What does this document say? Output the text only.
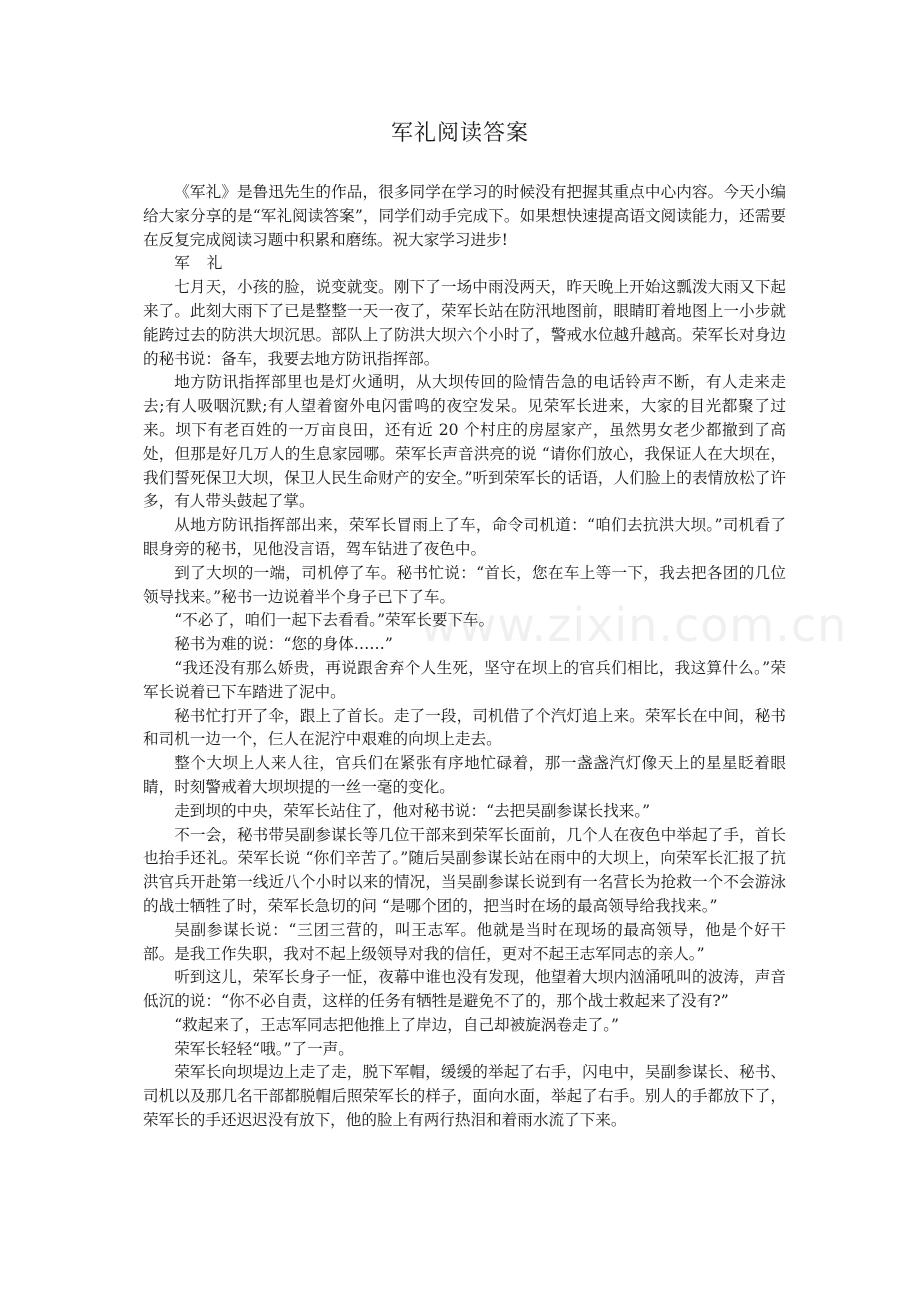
军礼阅读答案

《军礼》是鲁迅先生的作品，很多同学在学习的时候没有把握其重点中心内容。今天小编给大家分享的是“军礼阅读答案”，同学们动手完成下。如果想快速提高语文阅读能力，还需要在反复完成阅读习题中积累和磨练。祝大家学习进步!

军 礼

七月天，小孩的脸，说变就变。刚下了一场中雨没两天，昨天晚上开始这瓢泼大雨又下起来了。此刻大雨下了已是整整一天一夜了，荣军长站在防汛地图前，眼睛盯着地图上一小步就能跨过去的防洪大坝沉思。部队上了防洪大坝六个小时了，警戒水位越升越高。荣军长对身边的秘书说：备车，我要去地方防讯指挥部。

地方防讯指挥部里也是灯火通明，从大坝传回的险情告急的电话铃声不断，有人走来走去;有人吸咽沉默;有人望着窗外电闪雷鸣的夜空发呆。见荣军长进来，大家的目光都聚了过来。坝下有老百姓的一万亩良田，还有近 20 个村庄的房屋家产，虽然男女老少都撤到了高处，但那是好几万人的生息家园哪。荣军长声音洪亮的说 “请你们放心，我保证人在大坝在，我们誓死保卫大坝，保卫人民生命财产的安全。”听到荣军长的话语，人们脸上的表情放松了许多，有人带头鼓起了掌。

从地方防讯指挥部出来，荣军长冒雨上了车，命令司机道：“咱们去抗洪大坝。”司机看了眼身旁的秘书，见他没言语，驾车钻进了夜色中。

到了大坝的一端，司机停了车。秘书忙说：“首长，您在车上等一下，我去把各团的几位领导找来。”秘书一边说着半个身子已下了车。

“不必了，咱们一起下去看看。”荣军长要下车。

秘书为难的说：“您的身体……”

“我还没有那么娇贵，再说跟舍弃个人生死，坚守在坝上的官兵们相比，我这算什么。”荣军长说着已下车踏进了泥中。

秘书忙打开了伞，跟上了首长。走了一段，司机借了个汽灯追上来。荣军长在中间，秘书和司机一边一个，仨人在泥泞中艰难的向坝上走去。

整个大坝上人来人往，官兵们在紧张有序地忙碌着，那一盏盏汽灯像天上的星星眨着眼睛，时刻警戒着大坝坝提的一丝一毫的变化。

走到坝的中央，荣军长站住了，他对秘书说：“去把吴副参谋长找来。”

不一会，秘书带吴副参谋长等几位干部来到荣军长面前，几个人在夜色中举起了手，首长也抬手还礼。荣军长说 “你们辛苦了。”随后吴副参谋长站在雨中的大坝上，向荣军长汇报了抗洪官兵开赴第一线近八个小时以来的情况，当吴副参谋长说到有一名营长为抢救一个不会游泳的战士牺牲了时，荣军长急切的问 “是哪个团的，把当时在场的最高领导给我找来。”

吴副参谋长说：“三团三营的，叫王志军。他就是当时在现场的最高领导，他是个好干部。是我工作失职，我对不起上级领导对我的信任，更对不起王志军同志的亲人。”

听到这儿，荣军长身子一怔，夜幕中谁也没有发现，他望着大坝内汹涌吼叫的波涛，声音低沉的说：“你不必自责，这样的任务有牺牲是避免不了的，那个战士救起来了没有?”

“救起来了，王志军同志把他推上了岸边，自己却被旋涡卷走了。”

荣军长轻轻“哦。”了一声。

荣军长向坝堤边上走了走，脱下军帽，缓缓的举起了右手，闪电中，吴副参谋长、秘书、司机以及那几名干部都脱帽后照荣军长的样子，面向水面，举起了右手。别人的手都放下了，荣军长的手还迟迟没有放下，他的脸上有两行热泪和着雨水流了下来。

www.zixin.com.cn
